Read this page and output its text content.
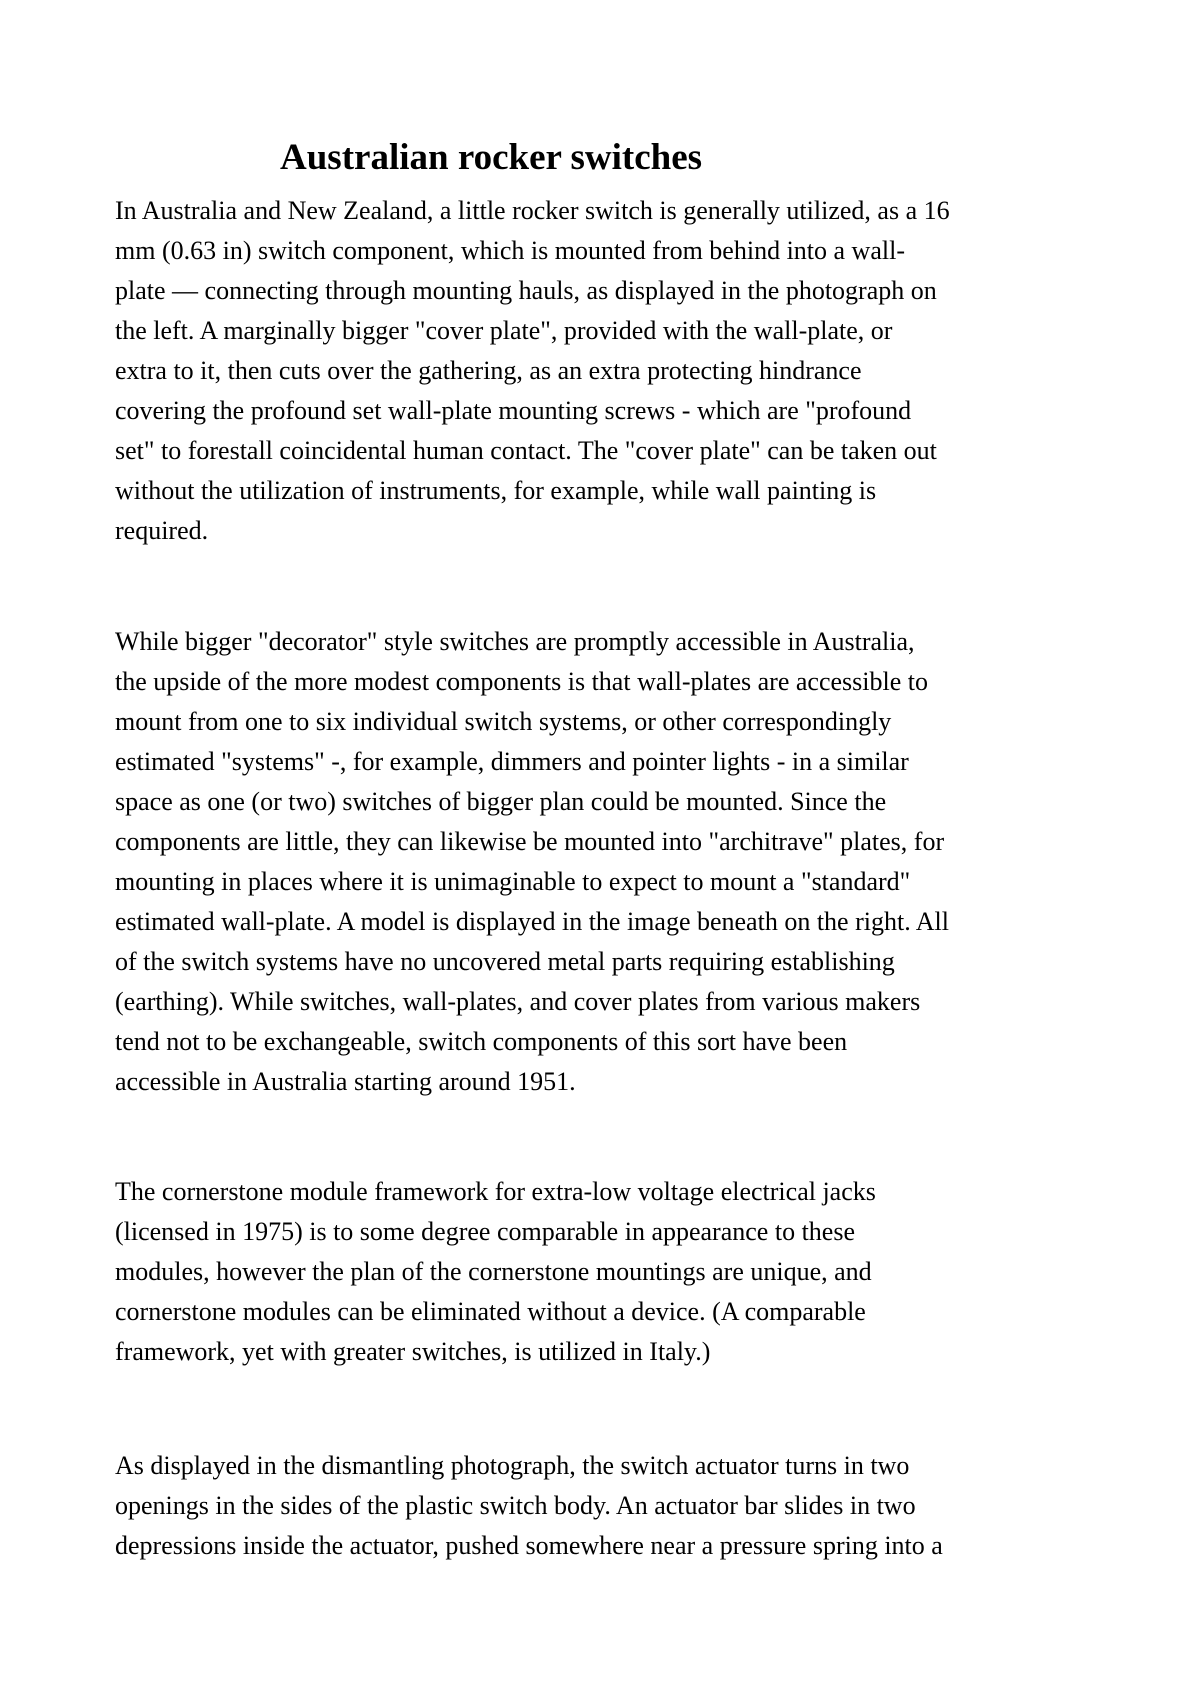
Australian rocker switches

In Australia and New Zealand, a little rocker switch is generally utilized, as a 16
mm (0.63 in) switch component, which is mounted from behind into a wall-
plate — connecting through mounting hauls, as displayed in the photograph on
the left. A marginally bigger "cover plate", provided with the wall-plate, or
extra to it, then cuts over the gathering, as an extra protecting hindrance
covering the profound set wall-plate mounting screws - which are "profound
set" to forestall coincidental human contact. The "cover plate" can be taken out
without the utilization of instruments, for example, while wall painting is
required.

While bigger "decorator" style switches are promptly accessible in Australia,
the upside of the more modest components is that wall-plates are accessible to
mount from one to six individual switch systems, or other correspondingly
estimated "systems" -, for example, dimmers and pointer lights - in a similar
space as one (or two) switches of bigger plan could be mounted. Since the
components are little, they can likewise be mounted into "architrave" plates, for
mounting in places where it is unimaginable to expect to mount a "standard"
estimated wall-plate. A model is displayed in the image beneath on the right. All
of the switch systems have no uncovered metal parts requiring establishing
(earthing). While switches, wall-plates, and cover plates from various makers
tend not to be exchangeable, switch components of this sort have been
accessible in Australia starting around 1951.

The cornerstone module framework for extra-low voltage electrical jacks
(licensed in 1975) is to some degree comparable in appearance to these
modules, however the plan of the cornerstone mountings are unique, and
cornerstone modules can be eliminated without a device. (A comparable
framework, yet with greater switches, is utilized in Italy.)

As displayed in the dismantling photograph, the switch actuator turns in two
openings in the sides of the plastic switch body. An actuator bar slides in two
depressions inside the actuator, pushed somewhere near a pressure spring into a
